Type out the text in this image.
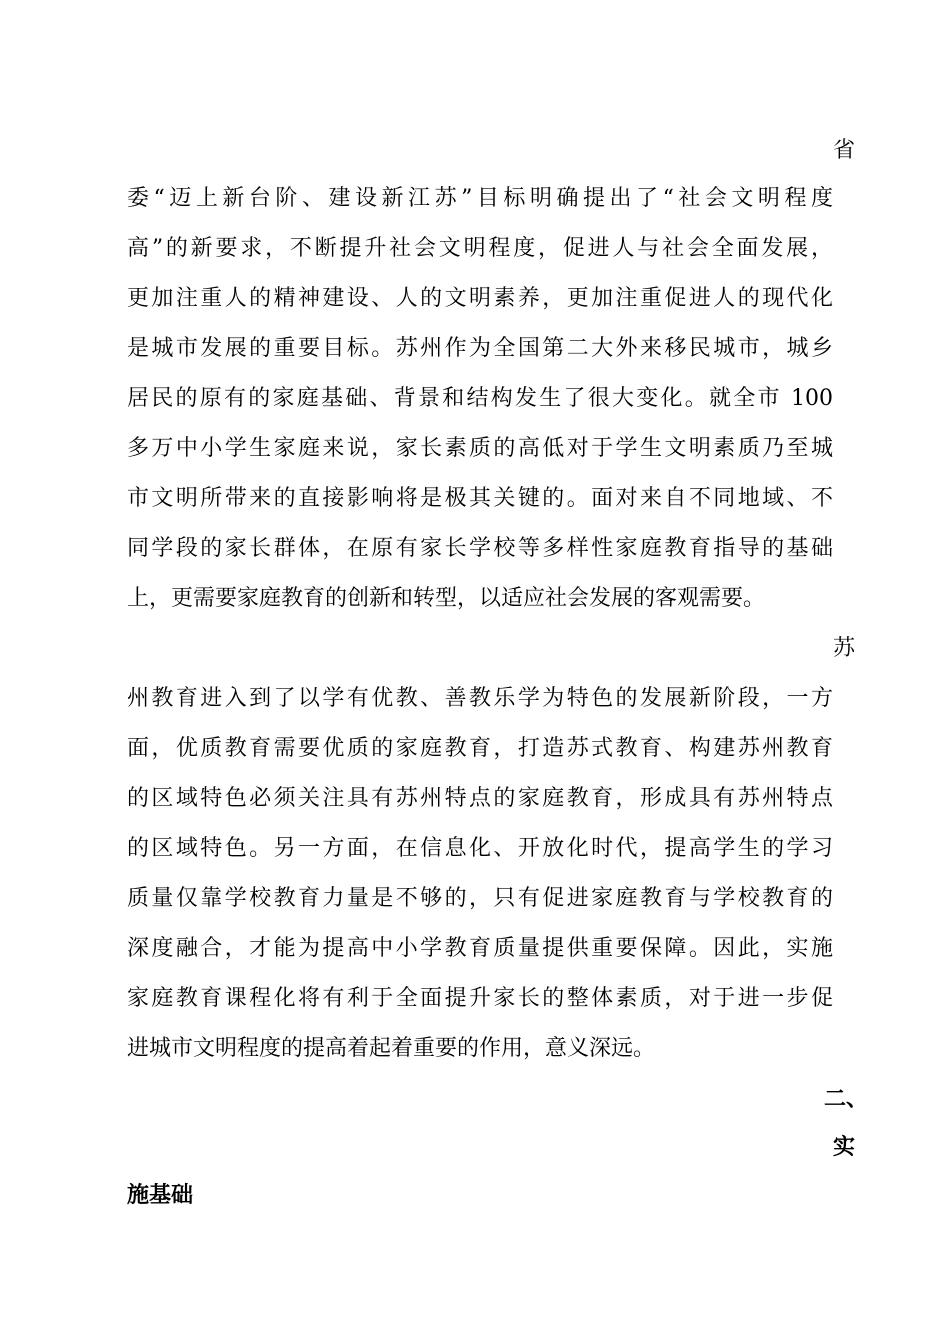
省
委“迈上新台阶、建设新江苏”目标明确提出了“社会文明程度
高”的新要求，不断提升社会文明程度，促进人与社会全面发展，
更加注重人的精神建设、人的文明素养，更加注重促进人的现代化
是城市发展的重要目标。苏州作为全国第二大外来移民城市，城乡
居民的原有的家庭基础、背景和结构发生了很大变化。就全市 100
多万中小学生家庭来说，家长素质的高低对于学生文明素质乃至城
市文明所带来的直接影响将是极其关键的。面对来自不同地域、不
同学段的家长群体，在原有家长学校等多样性家庭教育指导的基础
上，更需要家庭教育的创新和转型，以适应社会发展的客观需要。
苏
州教育进入到了以学有优教、善教乐学为特色的发展新阶段，一方
面，优质教育需要优质的家庭教育，打造苏式教育、构建苏州教育
的区域特色必须关注具有苏州特点的家庭教育，形成具有苏州特点
的区域特色。另一方面，在信息化、开放化时代，提高学生的学习
质量仅靠学校教育力量是不够的，只有促进家庭教育与学校教育的
深度融合，才能为提高中小学教育质量提供重要保障。因此，实施
家庭教育课程化将有利于全面提升家长的整体素质，对于进一步促
进城市文明程度的提高着起着重要的作用，意义深远。
二、
实
施基础
